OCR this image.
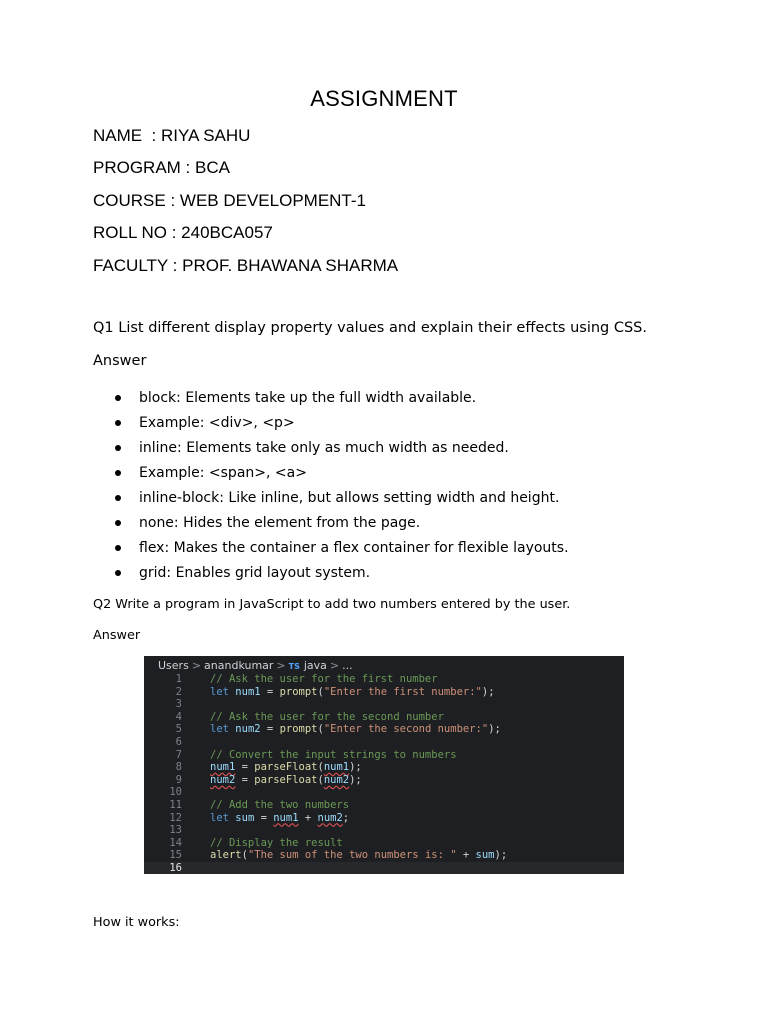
ASSIGNMENT
NAME  : RIYA SAHU
PROGRAM : BCA
COURSE : WEB DEVELOPMENT-1
ROLL NO : 240BCA057
FACULTY : PROF. BHAWANA SHARMA
Q1 List different display property values and explain their effects using CSS.
Answer
block: Elements take up the full width available.
Example: <div>, <p>
inline: Elements take only as much width as needed.
Example: <span>, <a>
inline-block: Like inline, but allows setting width and height.
none: Hides the element from the page.
flex: Makes the container a flex container for flexible layouts.
grid: Enables grid layout system.
Q2 Write a program in JavaScript to add two numbers entered by the user.
Answer
Users > anandkumar > TS java > ...
1	// Ask the user for the first number
2	let num1 = prompt("Enter the first number:");
3
4	// Ask the user for the second number
5	let num2 = prompt("Enter the second number:");
6
7	// Convert the input strings to numbers
8	num1 = parseFloat(num1);
9	num2 = parseFloat(num2);
10
11	// Add the two numbers
12	let sum = num1 + num2;
13
14	// Display the result
15	alert("The sum of the two numbers is: " + sum);
16
How it works:
